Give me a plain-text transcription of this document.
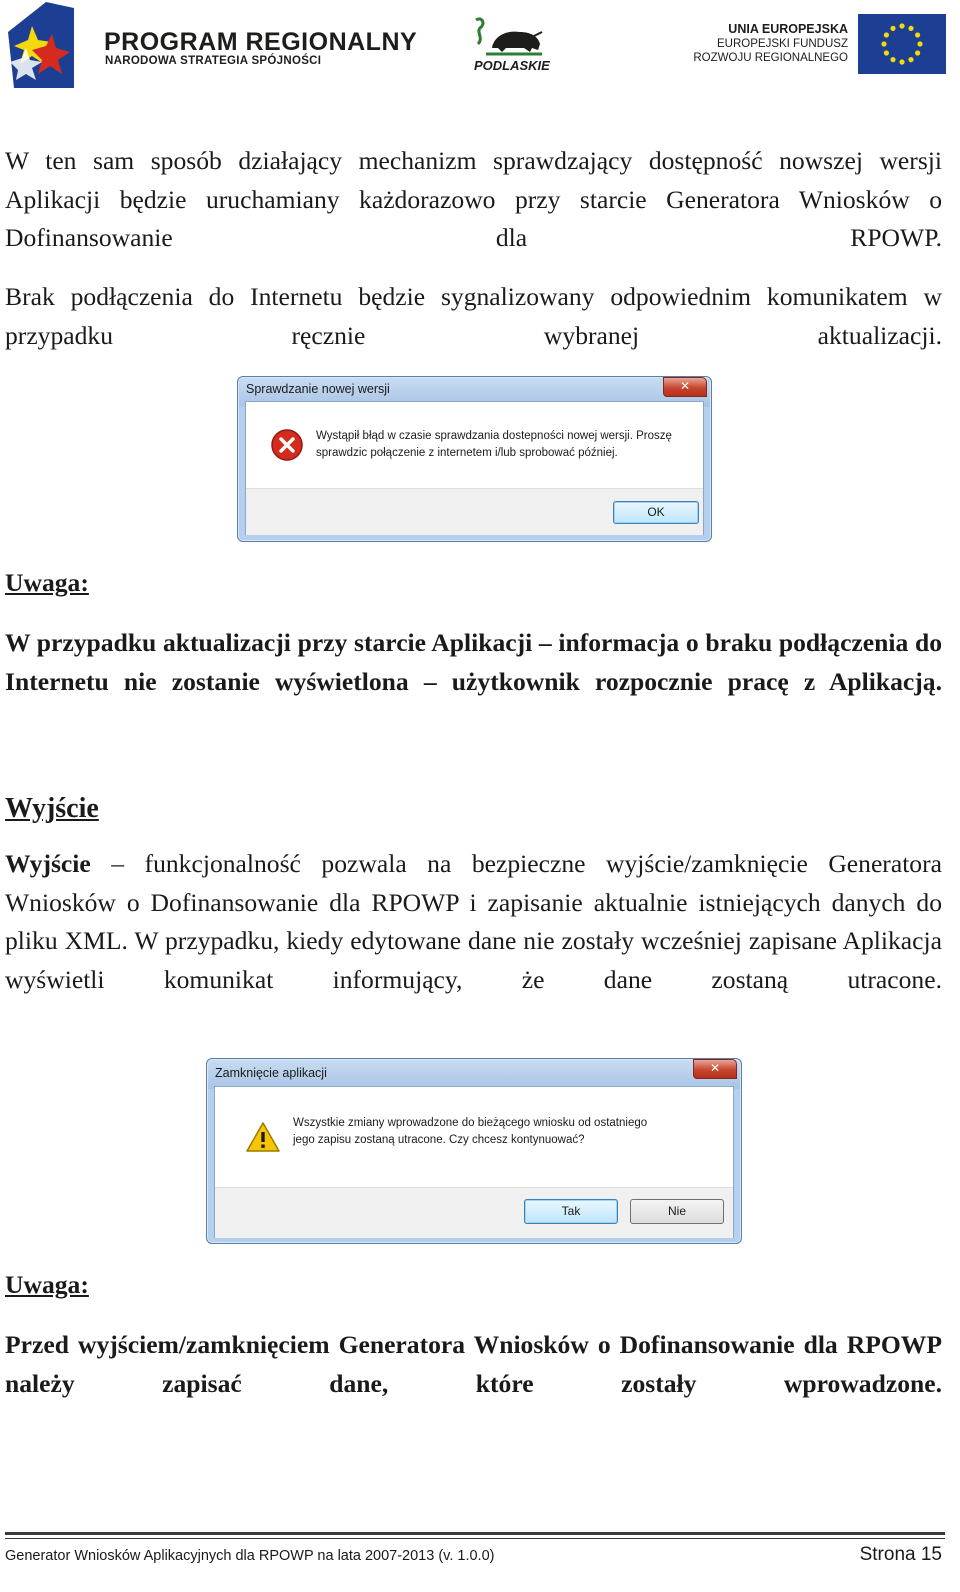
PROGRAM REGIONALNY
NARODOWA STRATEGIA SPÓJNOŚCI	PODLASKIE
UNIA EUROPEJSKA
EUROPEJSKI FUNDUSZ
ROZWOJU REGIONALNEGO

W ten sam sposób działający mechanizm sprawdzający dostępność nowszej wersji Aplikacji będzie uruchamiany każdorazowo przy starcie Generatora Wniosków o Dofinansowanie dla RPOWP.

Brak podłączenia do Internetu będzie sygnalizowany odpowiednim komunikatem w przypadku ręcznie wybranej aktualizacji.

Sprawdzanie nowej wersji	✕
Wystąpił błąd w czasie sprawdzania dostepności nowej wersji. Proszę
sprawdzic połączenie z internetem i/lub sprobować później.
OK
Uwaga:

W przypadku aktualizacji przy starcie Aplikacji – informacja o braku podłączenia do Internetu nie zostanie wyświetlona – użytkownik rozpocznie pracę z Aplikacją.

Wyjście

Wyjście – funkcjonalność pozwala na bezpieczne wyjście/zamknięcie Generatora Wniosków o Dofinansowanie dla RPOWP i zapisanie aktualnie istniejących danych do pliku XML. W przypadku, kiedy edytowane dane nie zostały wcześniej zapisane Aplikacja wyświetli komunikat informujący, że dane zostaną utracone.

Zamknięcie aplikacji	✕
Wszystkie zmiany wprowadzone do bieżącego wniosku od ostatniego
jego zapisu zostaną utracone. Czy chcesz kontynuować?
Tak	Nie
Uwaga:

Przed wyjściem/zamknięciem Generatora Wniosków o Dofinansowanie dla RPOWP należy zapisać dane, które zostały wprowadzone.

Generator Wniosków Aplikacyjnych dla RPOWP na lata 2007-2013 (v. 1.0.0)	Strona 15
